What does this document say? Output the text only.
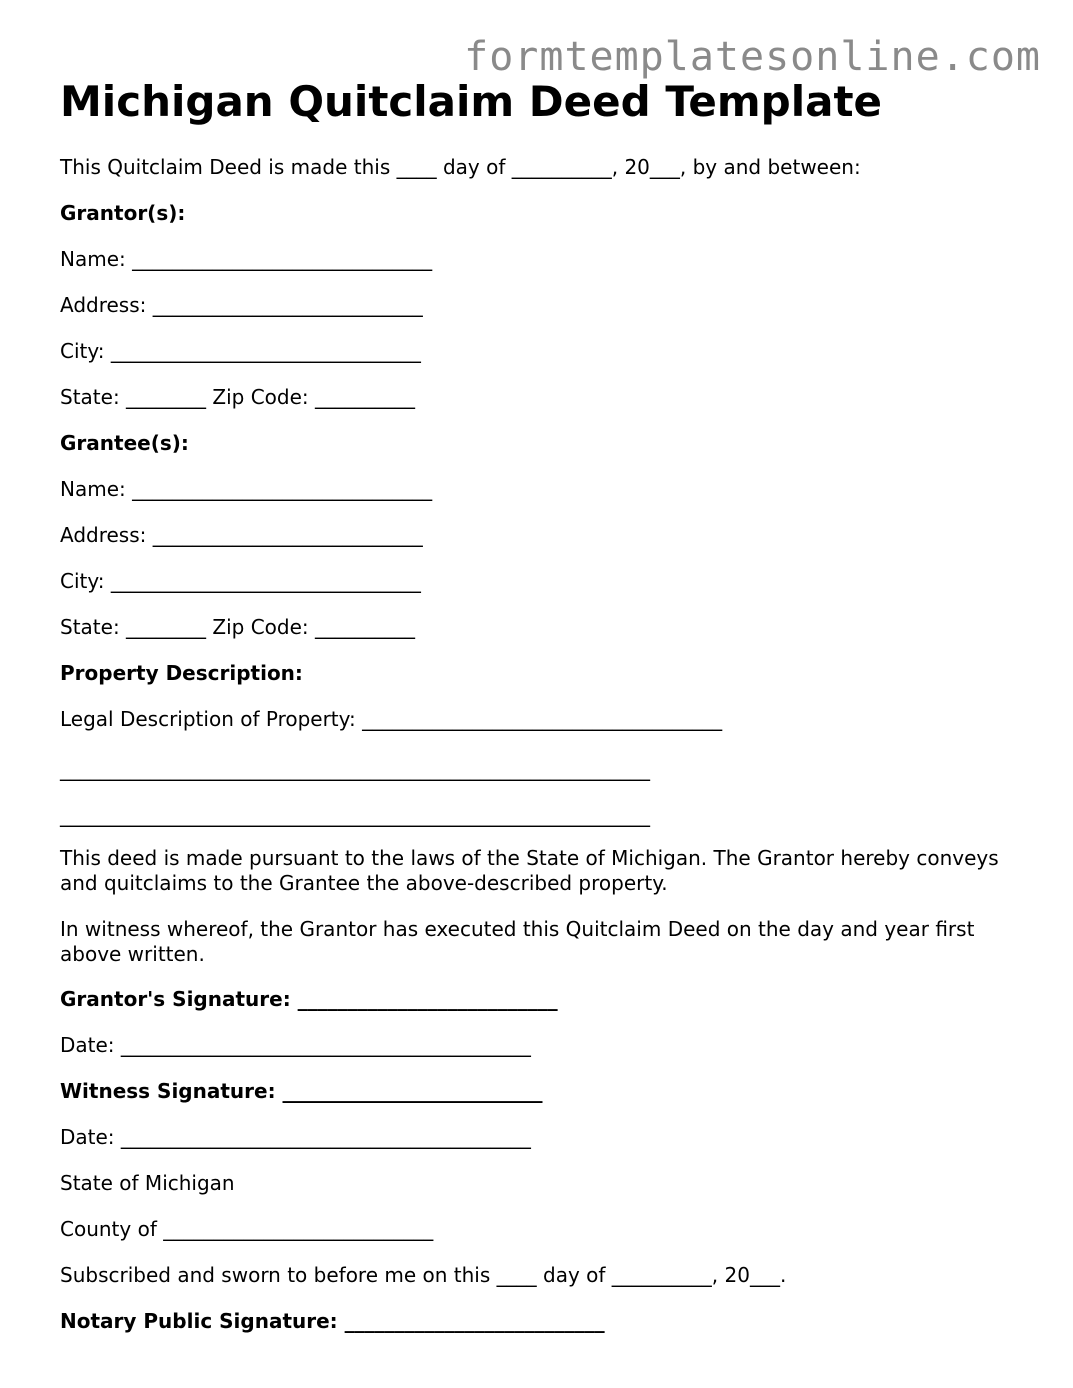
formtemplatesonline.com
Michigan Quitclaim Deed Template

This Quitclaim Deed is made this ____ day of __________, 20___, by and between:

Grantor(s):

Name: ______________________________

Address: ___________________________

City: _______________________________

State: ________ Zip Code: __________

Grantee(s):

Name: ______________________________

Address: ___________________________

City: _______________________________

State: ________ Zip Code: __________

Property Description:

Legal Description of Property: ____________________________________

___________________________________________________________

___________________________________________________________

This deed is made pursuant to the laws of the State of Michigan. The Grantor hereby conveys and quitclaims to the Grantee the above-described property.

In witness whereof, the Grantor has executed this Quitclaim Deed on the day and year first above written.

Grantor's Signature: __________________________

Date: _________________________________________

Witness Signature: __________________________

Date: _________________________________________

State of Michigan

County of ___________________________

Subscribed and sworn to before me on this ____ day of __________, 20___.

Notary Public Signature: __________________________
